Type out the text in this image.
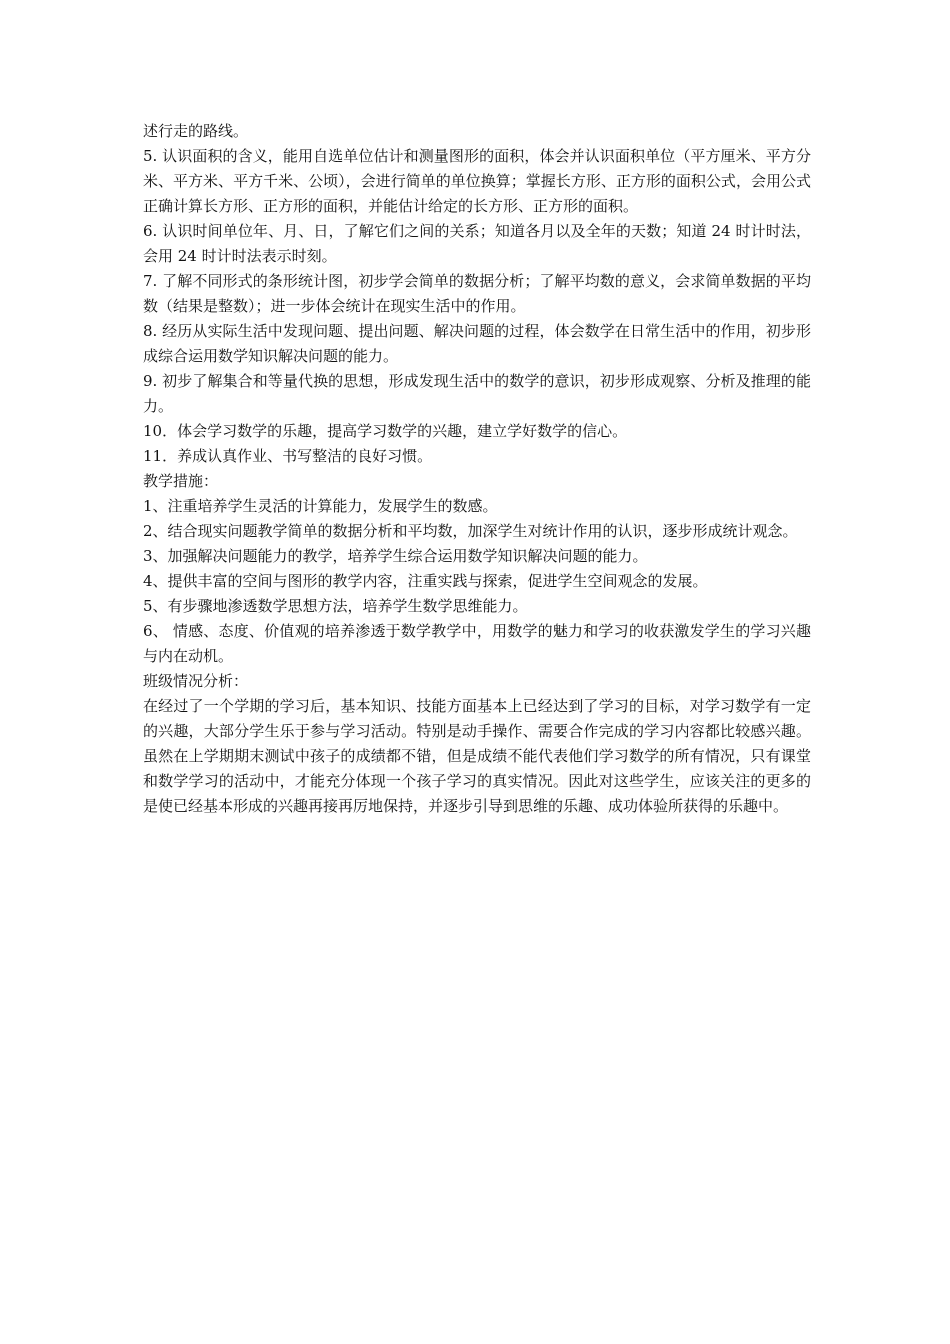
述行走的路线。

5. 认识面积的含义，能用自选单位估计和测量图形的面积，体会并认识面积单位（平方厘米、平方分米、平方米、平方千米、公顷），会进行简单的单位换算；掌握长方形、正方形的面积公式，会用公式正确计算长方形、正方形的面积，并能估计给定的长方形、正方形的面积。

6. 认识时间单位年、月、日，了解它们之间的关系；知道各月以及全年的天数；知道 24 时计时法，会用 24 时计时法表示时刻。

7. 了解不同形式的条形统计图，初步学会简单的数据分析；了解平均数的意义，会求简单数据的平均数（结果是整数）；进一步体会统计在现实生活中的作用。

8. 经历从实际生活中发现问题、提出问题、解决问题的过程，体会数学在日常生活中的作用，初步形成综合运用数学知识解决问题的能力。

9. 初步了解集合和等量代换的思想，形成发现生活中的数学的意识，初步形成观察、分析及推理的能力。

10．体会学习数学的乐趣，提高学习数学的兴趣，建立学好数学的信心。

11．养成认真作业、书写整洁的良好习惯。

教学措施：

1、注重培养学生灵活的计算能力，发展学生的数感。

2、结合现实问题教学简单的数据分析和平均数，加深学生对统计作用的认识，逐步形成统计观念。

3、加强解决问题能力的教学，培养学生综合运用数学知识解决问题的能力。

4、提供丰富的空间与图形的教学内容，注重实践与探索，促进学生空间观念的发展。

5、有步骤地渗透数学思想方法，培养学生数学思维能力。

6、 情感、态度、价值观的培养渗透于数学教学中，用数学的魅力和学习的收获激发学生的学习兴趣与内在动机。

班级情况分析：

在经过了一个学期的学习后，基本知识、技能方面基本上已经达到了学习的目标，对学习数学有一定的兴趣，大部分学生乐于参与学习活动。特别是动手操作、需要合作完成的学习内容都比较感兴趣。虽然在上学期期末测试中孩子的成绩都不错，但是成绩不能代表他们学习数学的所有情况，只有课堂和数学学习的活动中，才能充分体现一个孩子学习的真实情况。因此对这些学生，应该关注的更多的是使已经基本形成的兴趣再接再厉地保持，并逐步引导到思维的乐趣、成功体验所获得的乐趣中。
